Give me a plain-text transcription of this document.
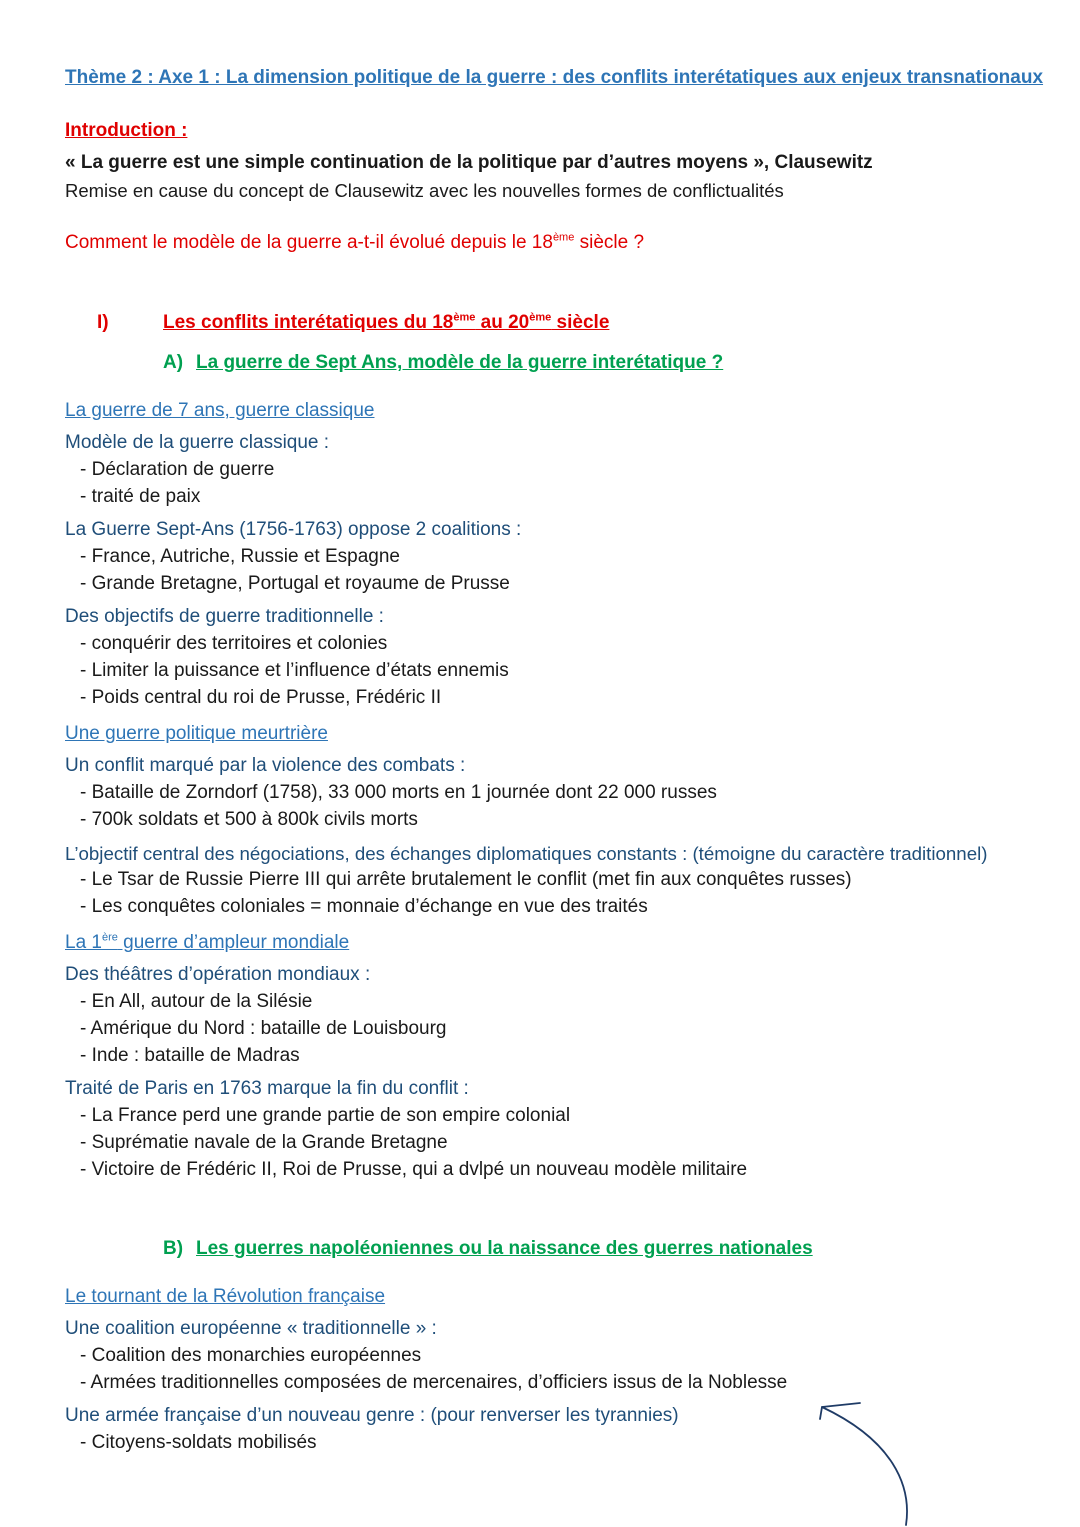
Thème 2 : Axe 1 : La dimension politique de la guerre : des conflits interétatiques aux enjeux transnationaux
Introduction :
« La guerre est une simple continuation de la politique par d’autres moyens », Clausewitz
Remise en cause du concept de Clausewitz avec les nouvelles formes de conflictualités
Comment le modèle de la guerre a-t-il évolué depuis le 18ème siècle ?
I)	Les conflits interétatiques du 18ème au 20ème siècle
A) La guerre de Sept Ans, modèle de la guerre interétatique ?
La guerre de 7 ans, guerre classique
Modèle de la guerre classique :
- Déclaration de guerre
- traité de paix
La Guerre Sept-Ans (1756-1763) oppose 2 coalitions :
- France, Autriche, Russie et Espagne
- Grande Bretagne, Portugal et royaume de Prusse
Des objectifs de guerre traditionnelle :
- conquérir des territoires et colonies
- Limiter la puissance et l’influence d’états ennemis
- Poids central du roi de Prusse, Frédéric II
Une guerre politique meurtrière
Un conflit marqué par la violence des combats :
- Bataille de Zorndorf (1758), 33 000 morts en 1 journée dont 22 000 russes
- 700k soldats et 500 à 800k civils morts
L’objectif central des négociations, des échanges diplomatiques constants : (témoigne du caractère traditionnel)
- Le Tsar de Russie Pierre III qui arrête brutalement le conflit (met fin aux conquêtes russes)
- Les conquêtes coloniales = monnaie d’échange en vue des traités
La 1ère guerre d’ampleur mondiale
Des théâtres d’opération mondiaux :
- En All, autour de la Silésie
- Amérique du Nord : bataille de Louisbourg
- Inde : bataille de Madras
Traité de Paris en 1763 marque la fin du conflit :
- La France perd une grande partie de son empire colonial
- Suprématie navale de la Grande Bretagne
- Victoire de Frédéric II, Roi de Prusse, qui a dvlpé un nouveau modèle militaire
B) Les guerres napoléoniennes ou la naissance des guerres nationales
Le tournant de la Révolution française
Une coalition européenne « traditionnelle » :
- Coalition des monarchies européennes
- Armées traditionnelles composées de mercenaires, d’officiers issus de la Noblesse
Une armée française d’un nouveau genre : (pour renverser les tyrannies)
- Citoyens-soldats mobilisés
